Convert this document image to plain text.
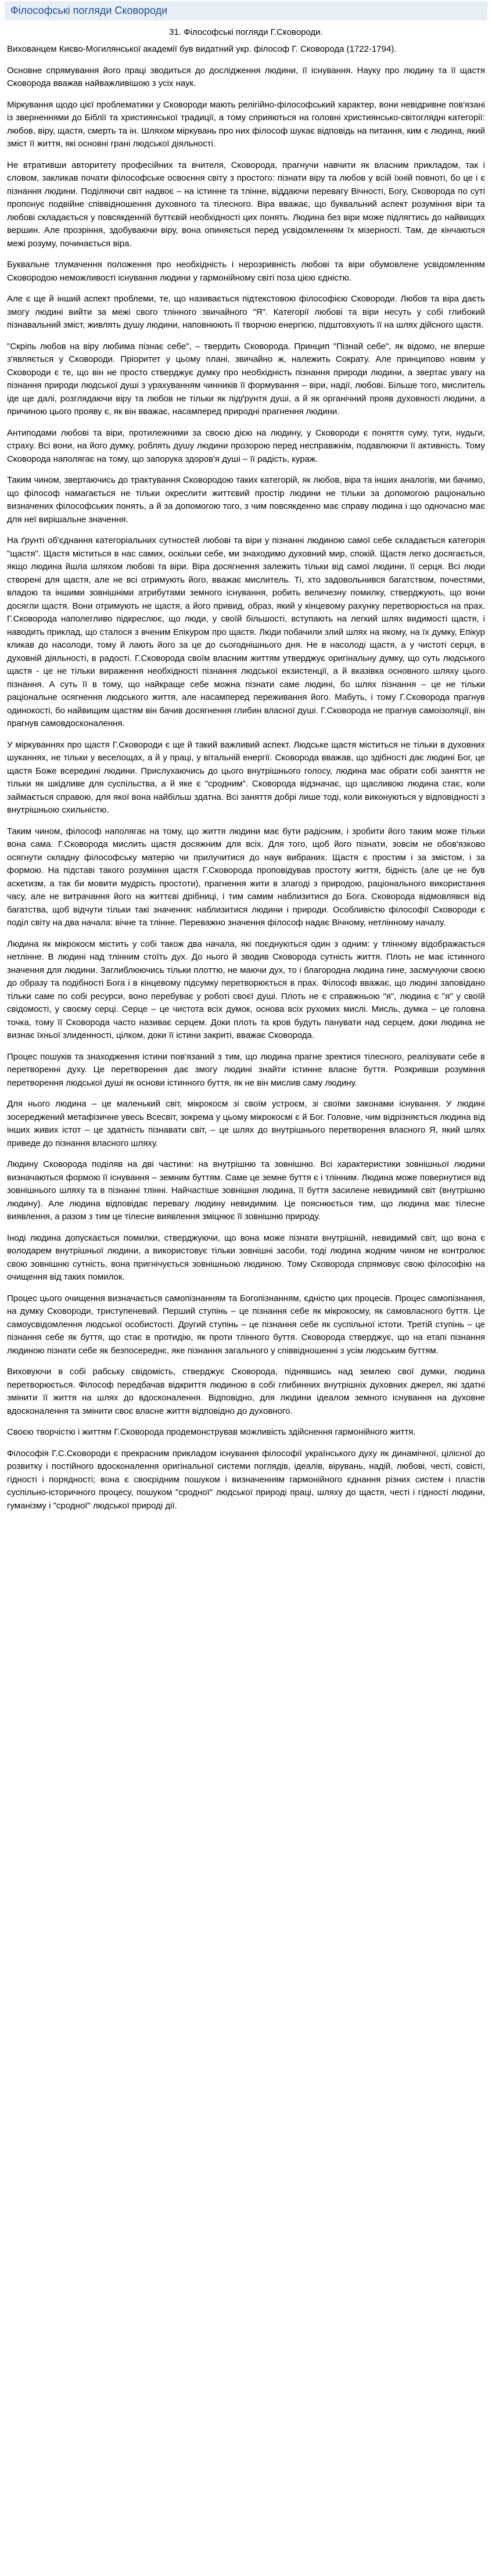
Філософські погляди Сковороди
31. Філософські погляди Г.Сковороди.

Вихованцем Києво-Могилянської академії був видатний укр. філософ Г. Сковорода (1722-1794).

Основне спрямування його праці зводиться до дослідження людини, її існування. Науку про людину та її щастя Сковорода вважав найважливішою з усіх наук.

Міркування щодо цієї проблематики у Сковороди мають релігійно-філософський характер, вони невідривне пов'язані із зверненнями до Біблії та християнської традиції, а тому сприяються на головні християнсько-світоглядні категорії: любов, віру, щастя, смерть та ін. Шляхом міркувань про них філософ шукає відповідь на питання, ким є людина, який зміст її життя, які основні грані людської діяльності.

Не втративши авторитету професійних та вчителя, Сковорода, прагнучи навчити як власним прикладом, так і словом, закликав почати філософське освоєння світу з простого: пізнати віру та любов у всій їхній повноті, бо це і є пізнання людини. Поділяючи світ надвоє – на істинне та тлінне, віддаючи перевагу Вічності, Богу, Сковорода по суті пропонує подвійне співвідношення духовного та тілесного. Віра вважає, що буквальний аспект розуміння віри та любові складається у повсякденній буттєвій необхідності цих понять. Людина без віри може підлягтись до найвищих вершин. Але прозріння, здобуваючи віру, вона опиняється перед усвідомленням їх мізерності. Там, де кінчаються межі розуму, починається віра.

Буквальне тлумачення положення про необхідність і нерозривність любові та віри обумовлене усвідомленням Сковородою неможливості існування людини у гармонійному світі поза цією єдністю.

Але є ще й інший аспект проблеми, те, що називається підтекстовою філософією Сковороди. Любов та віра даєть змогу людині вийти за межі свого тлінного звичайного "Я". Категорії любові та віри несуть у собі глибокий пізнавальний зміст, живлять душу людини, наповнюють її творчою енергією, підштовхують її на шлях дійсного щастя.

"Скріпь любов на віру любима пізнає себе", – твердить Сковорода. Принцип "Пізнай себе", як відомо, не вперше з'являється у Сковороди. Пріоритет у цьому плані, звичайно ж, належить Сократу. Але принципово новим у Сковороди є те, що він не просто стверджує думку про необхідність пізнання природи людини, а звертає увагу на пізнання природи людської душі з урахуванням чинників її формування – віри, надії, любові. Більше того, мислитель іде ще далі, розглядаючи віру та любов не тільки як підґрунтя душі, а й як органічний прояв духовності людини, а причиною цього прояву є, як він вважає, насамперед природні прагнення людини.

Антиподами любові та віри, протилежними за своєю дією на людину, у Сковороди є поняття суму, туги, нудьги, страху. Всі вони, на його думку, роблять душу людини прозорою перед несправжнім, подавлюючи її активність. Тому Сковорода наполягає на тому, що запорука здоров'я душі – її радість, кураж.

Таким чином, звертаючись до трактування Сковородою таких категорій, як любов, віра та інших аналогів, ми бачимо, що філософ намагається не тільки окреслити життєвий простір людини не тільки за допомогою раціонально визначених філософських понять, а й за допомогою того, з чим повсякденно має справу людина і що одночасно має для неї вирішальне значення.

На ґрунті об'єднання категоріальних сутностей любові та віри у пізнанні людиною самої себе складається категорія "щастя". Щастя міститься в нас самих, оскільки себе, ми знаходимо духовний мир, спокій. Щастя легко досягається, якщо людина йшла шляхом любові та віри. Віра досягнення залежить тільки від самої людини, її серця. Всі люди створені для щастя, але не всі отримують його, вважає мислитель. Ті, хто задовольнився багатством, почестями, владою та іншими зовнішніми атрибутами земного існування, робить величезну помилку, стверджують, що вони досягли щастя. Вони отримують не щастя, а його привид, образ, який у кінцевому рахунку перетворюється на прах. Г.Сковорода наполегливо підкреслює, що люди, у своїй більшості, вступають на легкий шлях видимості щастя, і наводить приклад, що сталося з вченим Епікуром про щастя. Люди побачили злий шлях на якому, на їх думку, Епікур кликав до насолоди, тому й лають його за це до сьогоднішнього дня. Не в насолоді щастя, а у чистоті серця, в духовній діяльності, в радості. Г.Сковорода своїм власним життям утверджує оригінальну думку, що суть людського щастя - це не тільки вираження необхідності пізнання людської екзистенції, а й вказівка основного шляху цього пізнання. А суть її в тому, що найкраще себе можна пізнати саме людині, бо шлях пізнання – це не тільки раціональне осягнення людського життя, але насамперед переживання його. Мабуть, і тому Г.Сковорода прагнув одинокості, бо найвищим щастям він бачив досягнення глибин власної душі. Г.Сковорода не прагнув самоізоляції, він прагнув самовдосконалення.

У міркуваннях про щастя Г.Сковороди є ще й такий важливий аспект. Людське щастя міститься не тільки в духовних шуканнях, не тільки у веселощах, а й у праці, у вітальній енергії. Сковорода вважав, що здібності дає людині Бог, це щастя Боже всередині людини. Прислухаючись до цього внутрішнього голосу, людина має обрати собі заняття не тільки як шкідливе для суспільства, а й яке є "сродним". Сковорода відзначає, що щасливою людина стає, коли займається справою, для якої вона найбільш здатна. Всі заняття добрі лише тоді, коли виконуються у відповідності з внутрішньою схильністю.

Таким чином, філософ наполягає на тому, що життя людини має бути радісним, і зробити його таким може тільки вона сама. Г.Сковорода мислить щастя досяжним для всіх. Для того, щоб його пізнати, зовсім не обов'язково осягнути складну філософську матерію чи прилучитися до наук вибраних. Щастя є простим і за змістом, і за формою. На підставі такого розуміння щастя Г.Сковорода проповідував простоту життя, бідність (але це не був аскетизм, а так би мовити мудрість простоти), прагнення жити в злагоді з природою, раціонального використання часу, але не витрачання його на життєві дрібниці, і тим самим наблизитися до Бога. Сковорода відмовлявся від багатства, щоб відчути тільки такі значення: наблизитися людини і природи. Особливістю філософії Сковороди є поділ світу на два начала: вічне та тлінне. Переважно значення філософ надає Вічному, нетлінному началу.

Людина як мікрокосм містить у собі також два начала, які поєднуються один з одним: у тлінному відображається нетлінне. В людині над тлінним стоїть дух. До нього й зводив Сковорода сутність життя. Плоть не має істинного значення для людини. Заглиблюючись тільки плоттю, не маючи дух, то і благородна людина гине, засмучуючи своєю до образу та подібності Бога і в кінцевому підсумку перетворюється в прах. Філософ вважає, що людині заповідано тільки саме по собі ресурси, воно перебуває у роботі своєї душі. Плоть не є справжньою "я", людина є "я" у своїй свідомості, у своєму серці. Серце – це чистота всіх думок, основа всіх рухомих мислі. Мисль, думка – це головна точка, тому її Сковорода часто називає серцем. Доки плоть та кров будуть панувати над серцем, доки людина не визнає їхньої злиденності, цілком, доки її істини закриті, вважає Сковорода.

Процес пошуків та знаходження істини пов'язаний з тим, що людина прагне зректися тілесного, реалізувати себе в перетворенні духу. Це перетворення дає змогу людині знайти істинне власне буття. Розкривши розуміння перетворення людської душі як основи істинного буття, як не він мислив саму людину.

Для нього людина – це маленький світ, мікрокосм зі своїм устроєм, зі своїми законами існування. У людині зосереджений метафізичне увесь Всесвіт, зокрема у цьому мікрокосмі є й Бог. Головне, чим відрізняється людина від інших живих істот – це здатність пізнавати світ, – це шлях до внутрішнього перетворення власного Я, який шлях приведе до пізнання власного шляху.

Людину Сковорода поділяв на дві частини: на внутрішню та зовнішню. Всі характеристики зовнішньої людини визначаються формою її існування – земним буттям. Саме це земне буття є і тлінним. Людина може повернутися від зовнішнього шляху та в пізнанні тлінні. Найчастіше зовнішня людина, її буття засилене невидимий світ (внутрішню людину). Але людина відповідає перевагу людину невидимим. Це пояснюється тим, що людина має тілесне виявлення, а разом з тим це тілесне виявлення зміцнює її зовнішню природу.

Іноді людина допускається помилки, стверджуючи, що вона може пізнати внутрішній, невидимий світ, що вона є володарем внутрішньої людини, а використовує тільки зовнішні засоби, тоді людина жодним чином не контролює свою зовнішню сутність, вона пригнічується зовнішньою людиною. Тому Сковорода спрямовує свою філософію на очищення від таких помилок.

Процес цього очищення визначається самопізнанням та Богопізнанням, єдністю цих процесів. Процес самопізнання, на думку Сковороди, триступеневий. Перший ступінь – це пізнання себе як мікрокосму, як самовласного буття. Це самоусвідомлення людської особистості. Другий ступінь – це пізнання себе як суспільної істоти. Третій ступінь – це пізнання себе як буття, що стає в протидію, як проти тлінного буття. Сковорода стверджує, що на етапі пізнання людиною пізнати себе як безпосереднє, яке пізнання загального у співвідношенні з усім людським буттям.

Виховуючи в собі рабську свідомість, стверджує Сковорода, піднявшись над землею свої думки, людина перетворюється. Філософ передбачав відкриття людиною в собі глибинних внутрішніх духовних джерел, які здатні змінити її життя на шлях до вдосконалення. Відповідно, для людини ідеалом земного існування на духовне вдосконалення та змінити своє власне життя відповідно до духовного.

Своєю творчістю і життям Г.Сковорода продемонстрував можливість здійснення гармонійного життя.

Філософія Г.С.Сковороди є прекрасним прикладом існування філософії українського духу як динамічної, цілісної до розвитку і постійного вдосконалення оригінальної системи поглядів, ідеалів, вірувань, надій, любові, честі, совісті, гідності і порядності; вона є своєрідним пошуком і визначенням гармонійного єднання різних систем і пластів суспільно-історичного процесу, пошуком "сродної" людської природі праці, шляху до щастя, честі і гідності людини, гуманізму і "сродної" людської природі дії.
